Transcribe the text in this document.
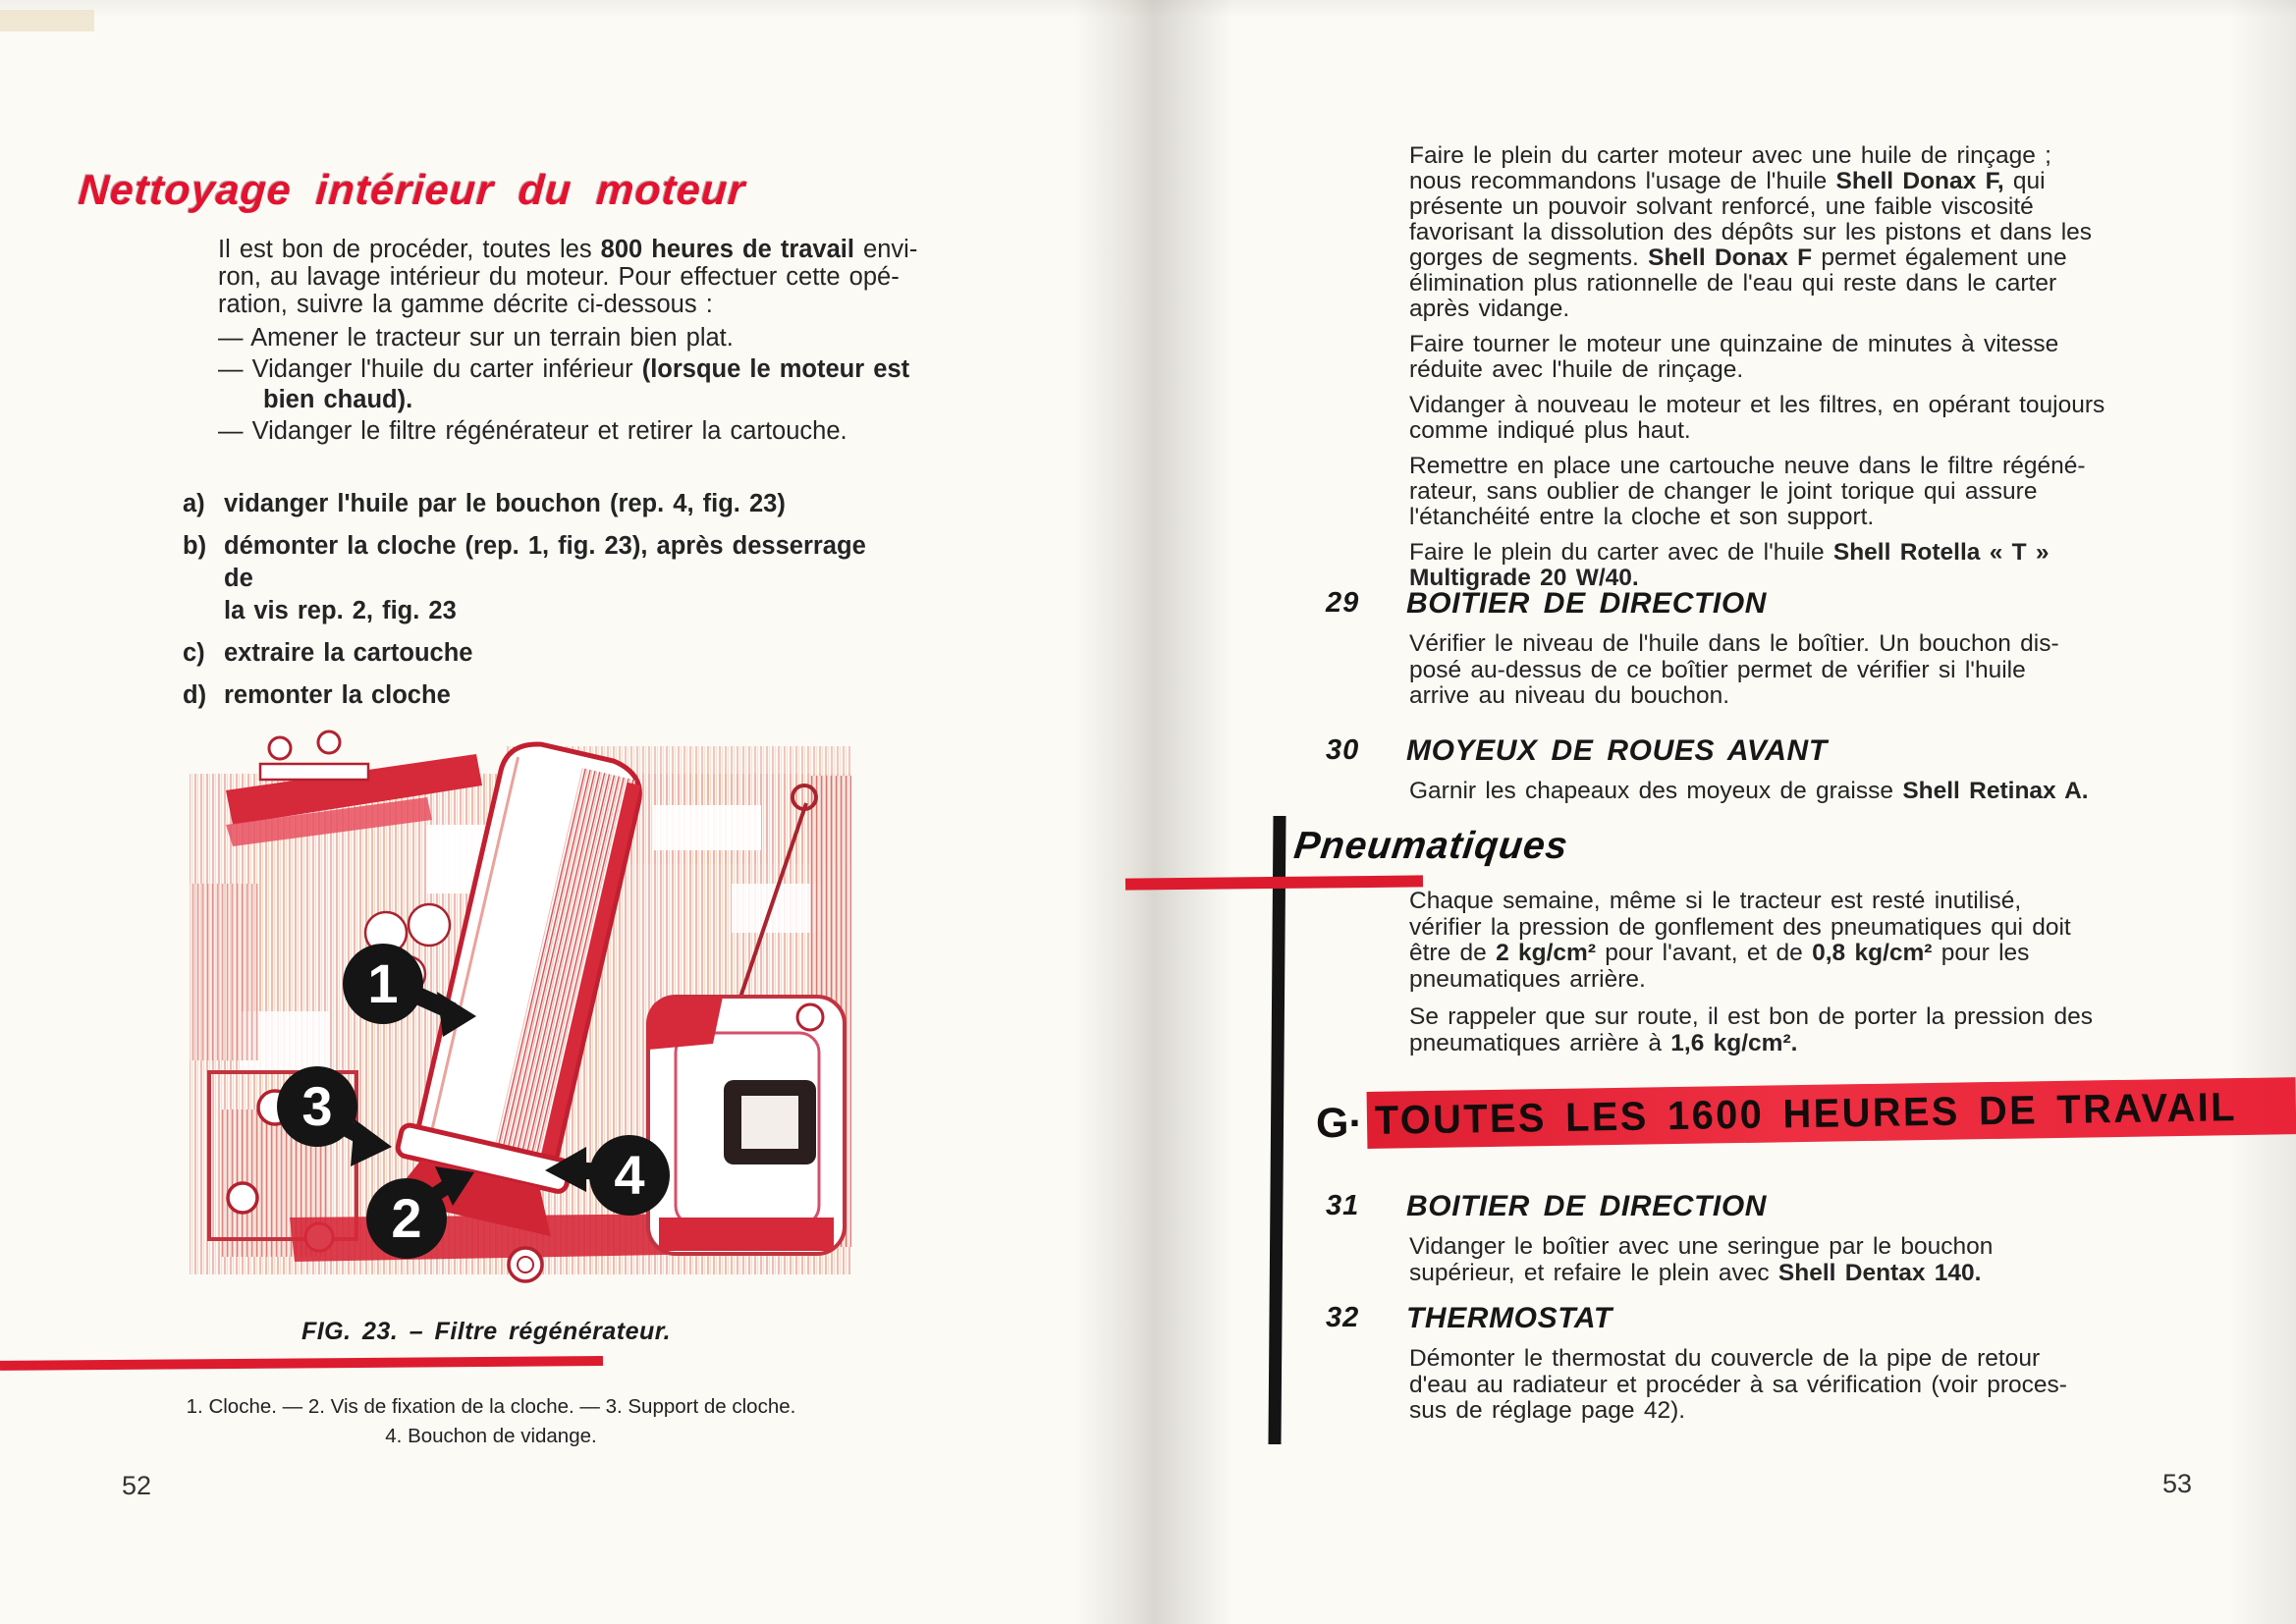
Nettoyage intérieur du moteur
Il est bon de procéder, toutes les 800 heures de travail envi-
ron, au lavage intérieur du moteur. Pour effectuer cette opé-
ration, suivre la gamme décrite ci-dessous :
— Amener le tracteur sur un terrain bien plat.
— Vidanger l'huile du carter inférieur (lorsque le moteur est
bien chaud).
— Vidanger le filtre régénérateur et retirer la cartouche.
a) vidanger l'huile par le bouchon (rep. 4, fig. 23)
b) démonter la cloche (rep. 1, fig. 23), après desserrage de
la vis rep. 2, fig. 23
c) extraire la cartouche
d) remonter la cloche
1
3
2
4
FIG. 23. – Filtre régénérateur.
1. Cloche. — 2. Vis de fixation de la cloche. — 3. Support de cloche.
4. Bouchon de vidange.
52

Faire le plein du carter moteur avec une huile de rinçage ;
nous recommandons l'usage de l'huile Shell Donax F, qui
présente un pouvoir solvant renforcé, une faible viscosité
favorisant la dissolution des dépôts sur les pistons et dans les
gorges de segments. Shell Donax F permet également une
élimination plus rationnelle de l'eau qui reste dans le carter
après vidange.

Faire tourner le moteur une quinzaine de minutes à vitesse
réduite avec l'huile de rinçage.

Vidanger à nouveau le moteur et les filtres, en opérant toujours
comme indiqué plus haut.

Remettre en place une cartouche neuve dans le filtre régéné-
rateur, sans oublier de changer le joint torique qui assure
l'étanchéité entre la cloche et son support.

Faire le plein du carter avec de l'huile Shell Rotella « T »
Multigrade 20 W/40.

29 BOITIER DE DIRECTION
Vérifier le niveau de l'huile dans le boîtier. Un bouchon dis-
posé au-dessus de ce boîtier permet de vérifier si l'huile
arrive au niveau du bouchon.
30 MOYEUX DE ROUES AVANT
Garnir les chapeaux des moyeux de graisse Shell Retinax A.
Pneumatiques
Chaque semaine, même si le tracteur est resté inutilisé,
vérifier la pression de gonflement des pneumatiques qui doit
être de 2 kg/cm² pour l'avant, et de 0,8 kg/cm² pour les
pneumatiques arrière.
Se rappeler que sur route, il est bon de porter la pression des
pneumatiques arrière à 1,6 kg/cm².
G· TOUTES LES 1600 HEURES DE TRAVAIL
31 BOITIER DE DIRECTION
Vidanger le boîtier avec une seringue par le bouchon
supérieur, et refaire le plein avec Shell Dentax 140.
32 THERMOSTAT
Démonter le thermostat du couvercle de la pipe de retour
d'eau au radiateur et procéder à sa vérification (voir proces-
sus de réglage page 42).
53
